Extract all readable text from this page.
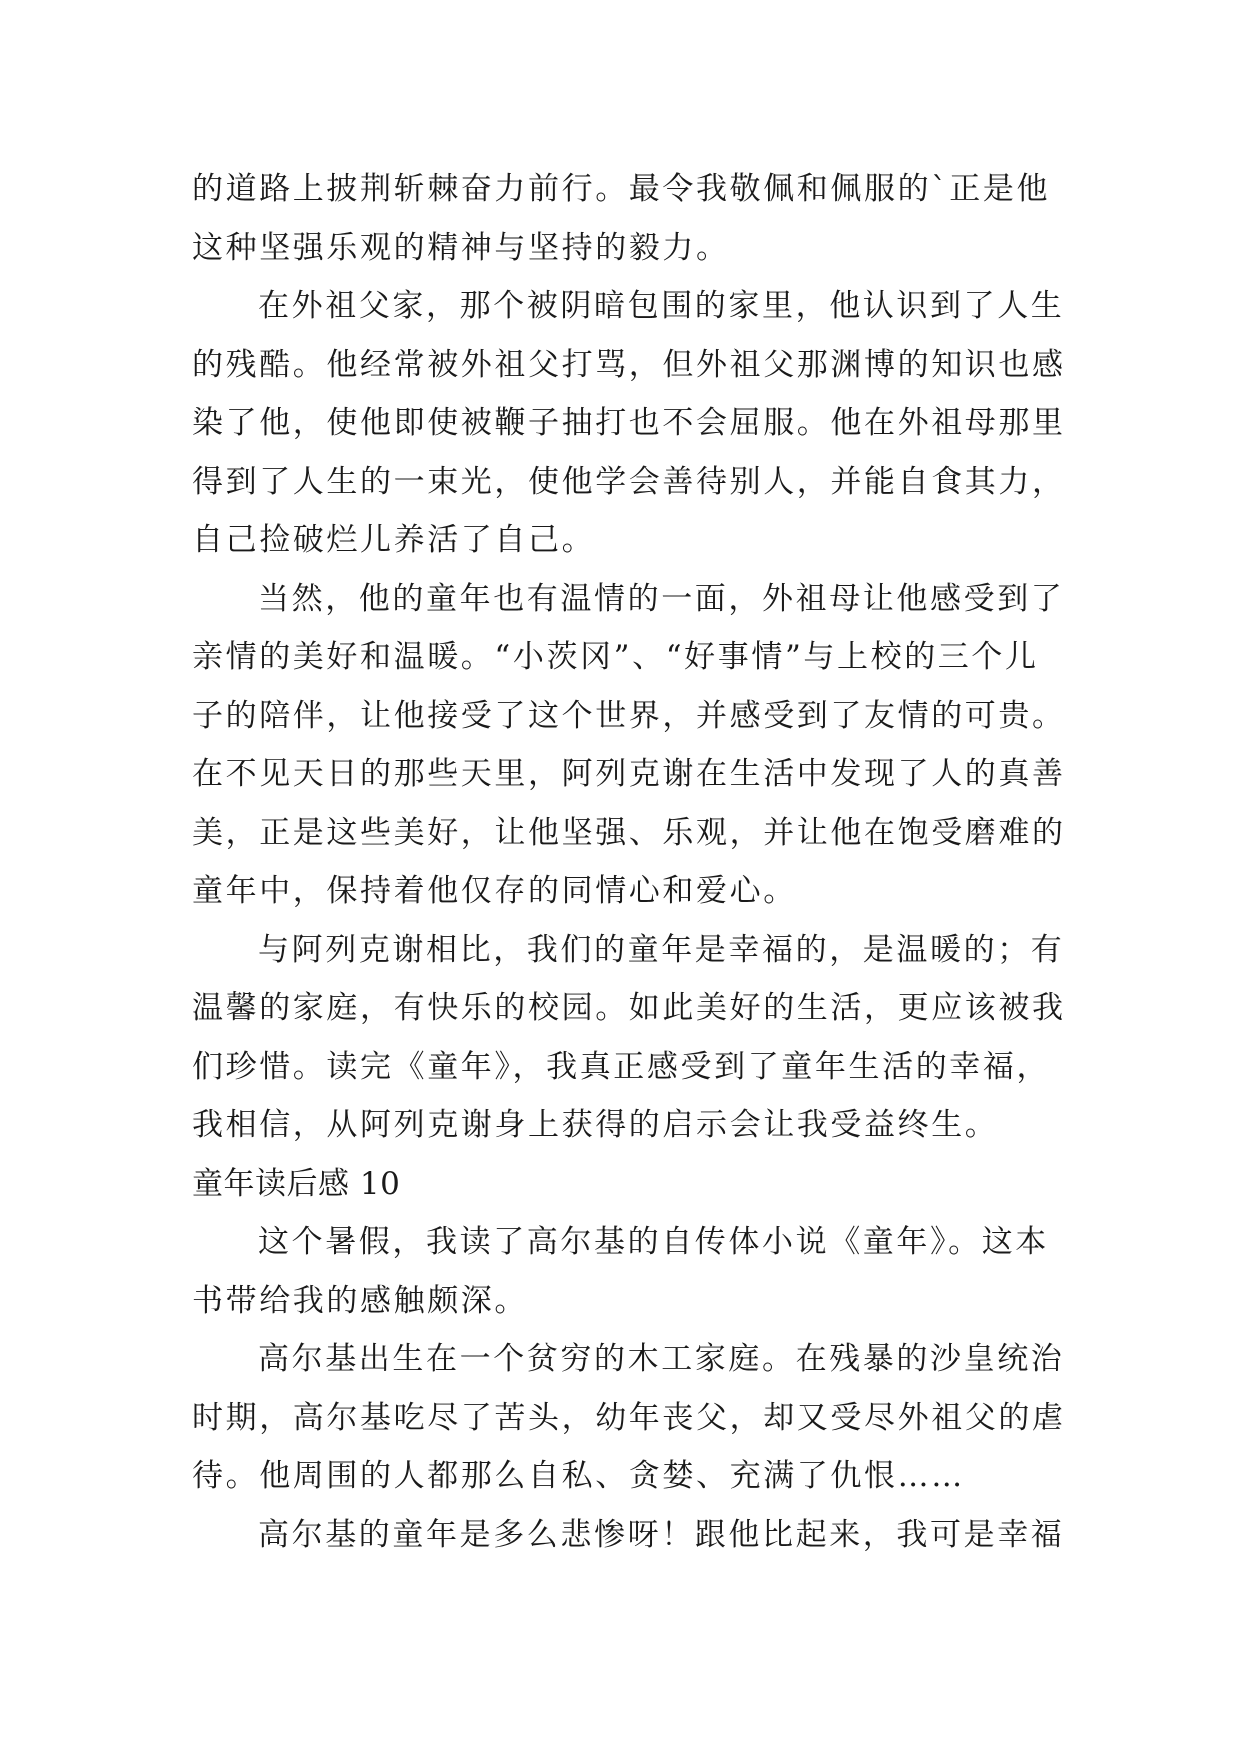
的道路上披荆斩棘奋力前行。最令我敬佩和佩服的`正是他
这种坚强乐观的精神与坚持的毅力。
在外祖父家，那个被阴暗包围的家里，他认识到了人生
的残酷。他经常被外祖父打骂，但外祖父那渊博的知识也感
染了他，使他即使被鞭子抽打也不会屈服。他在外祖母那里
得到了人生的一束光，使他学会善待别人，并能自食其力，
自己捡破烂儿养活了自己。
当然，他的童年也有温情的一面，外祖母让他感受到了
亲情的美好和温暖。“小茨冈”、“好事情”与上校的三个儿
子的陪伴，让他接受了这个世界，并感受到了友情的可贵。
在不见天日的那些天里，阿列克谢在生活中发现了人的真善
美，正是这些美好，让他坚强、乐观，并让他在饱受磨难的
童年中，保持着他仅存的同情心和爱心。
与阿列克谢相比，我们的童年是幸福的，是温暖的；有
温馨的家庭，有快乐的校园。如此美好的生活，更应该被我
们珍惜。读完《童年》，我真正感受到了童年生活的幸福，
我相信，从阿列克谢身上获得的启示会让我受益终生。
童年读后感 10
这个暑假，我读了高尔基的自传体小说《童年》。这本
书带给我的感触颇深。
高尔基出生在一个贫穷的木工家庭。在残暴的沙皇统治
时期，高尔基吃尽了苦头，幼年丧父，却又受尽外祖父的虐
待。他周围的人都那么自私、贪婪、充满了仇恨……
高尔基的童年是多么悲惨呀！跟他比起来，我可是幸福
